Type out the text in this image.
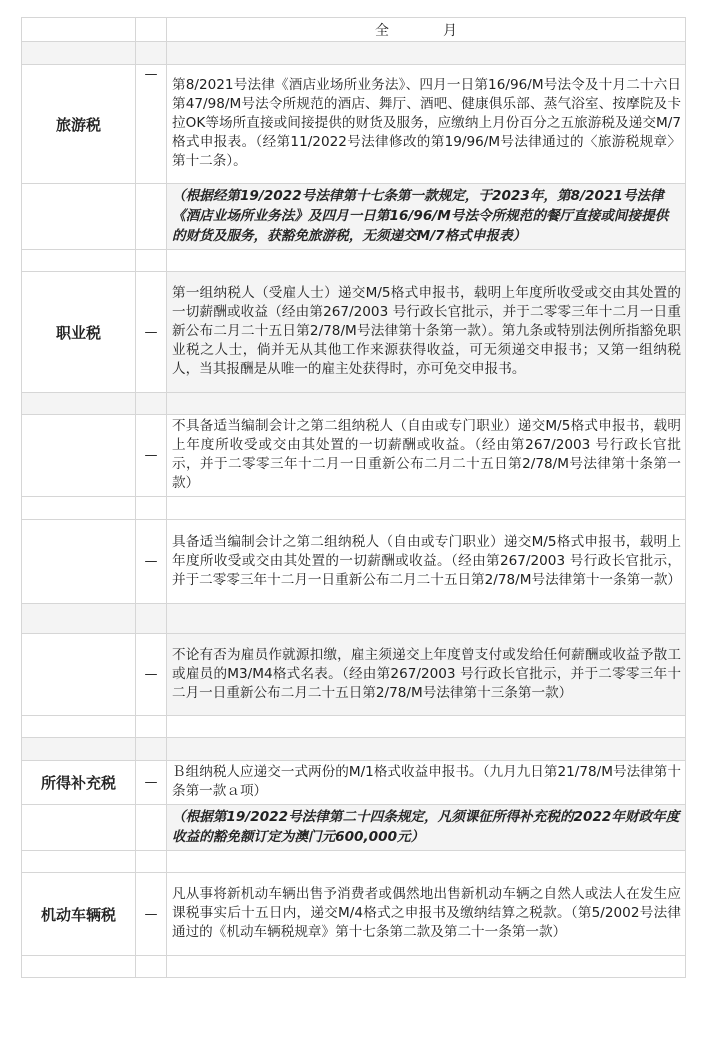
		全　月

旅游税	—	第8/2021号法律《酒店业场所业务法》、四月一日第16/96/M号法令及十月二十六日第47/98/M号法令所规范的酒店、舞厅、酒吧、健康俱乐部、蒸气浴室、按摩院及卡拉OK等场所直接或间接提供的财货及服务，应缴纳上月份百分之五旅游税及递交M/7格式申报表。（经第11/2022号法律修改的第19/96/M号法律通过的〈旅游税规章〉第十二条）。
		（根据经第19/2022号法律第十七条第一款规定，于2023年，第8/2021号法律《酒店业场所业务法》及四月一日第16/96/M号法令所规范的餐厅直接或间接提供的财货及服务，获豁免旅游税，无须递交M/7格式申报表）

职业税	—	第一组纳税人（受雇人士）递交M/5格式申报书，载明上年度所收受或交由其处置的一切薪酬或收益（经由第267/2003 号行政长官批示，并于二零零三年十二月一日重新公布二月二十五日第2/78/M号法律第十条第一款）。第九条或特别法例所指豁免职业税之人士，倘并无从其他工作来源获得收益，可无须递交申报书；又第一组纳税人，当其报酬是从唯一的雇主处获得时，亦可免交申报书。

	—	不具备适当编制会计之第二组纳税人（自由或专门职业）递交M/5格式申报书，载明上年度所收受或交由其处置的一切薪酬或收益。（经由第267/2003 号行政长官批示，并于二零零三年十二月一日重新公布二月二十五日第2/78/M号法律第十条第一款）

	—	具备适当编制会计之第二组纳税人（自由或专门职业）递交M/5格式申报书，载明上年度所收受或交由其处置的一切薪酬或收益。（经由第267/2003 号行政长官批示，并于二零零三年十二月一日重新公布二月二十五日第2/78/M号法律第十一条第一款）

	—	不论有否为雇员作就源扣缴，雇主须递交上年度曾支付或发给任何薪酬或收益予散工或雇员的M3/M4格式名表。（经由第267/2003 号行政长官批示，并于二零零三年十二月一日重新公布二月二十五日第2/78/M号法律第十三条第一款）

所得补充税	—	Ｂ组纳税人应递交一式两份的M/1格式收益申报书。（九月九日第21/78/M号法律第十条第一款ａ项）
		（根据第19/2022号法律第二十四条规定，凡须课征所得补充税的2022年财政年度收益的豁免额订定为澳门元600,000元）

机动车辆税	—	凡从事将新机动车辆出售予消费者或偶然地出售新机动车辆之自然人或法人在发生应课税事实后十五日内，递交M/4格式之申报书及缴纳结算之税款。（第5/2002号法律通过的《机动车辆税规章》第十七条第二款及第二十一条第一款）
